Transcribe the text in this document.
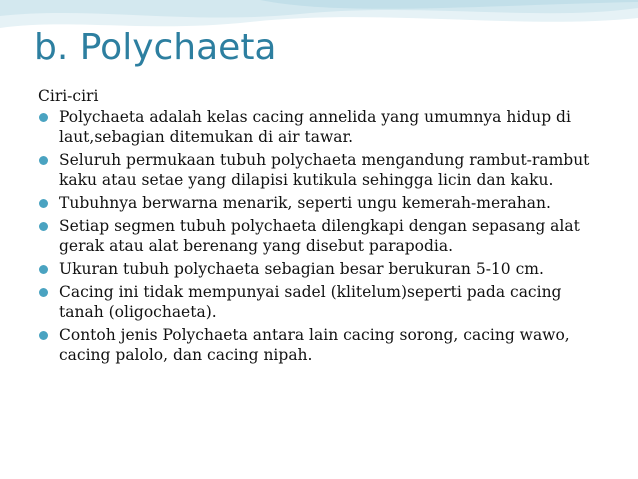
b. Polychaeta

Ciri-ciri

Polychaeta adalah kelas cacing annelida yang umumnya hidup di laut,sebagian ditemukan di air tawar.
Seluruh permukaan tubuh polychaeta mengandung rambut-rambut kaku atau setae yang dilapisi kutikula sehingga licin dan kaku.
Tubuhnya berwarna menarik, seperti ungu kemerah-merahan.
Setiap segmen tubuh polychaeta dilengkapi dengan sepasang alat gerak atau alat berenang yang disebut parapodia.
Ukuran tubuh polychaeta sebagian besar berukuran 5-10 cm.
Cacing ini tidak mempunyai sadel (klitelum)seperti pada cacing tanah (oligochaeta).
Contoh jenis Polychaeta antara lain cacing sorong, cacing wawo, cacing palolo, dan cacing nipah.
